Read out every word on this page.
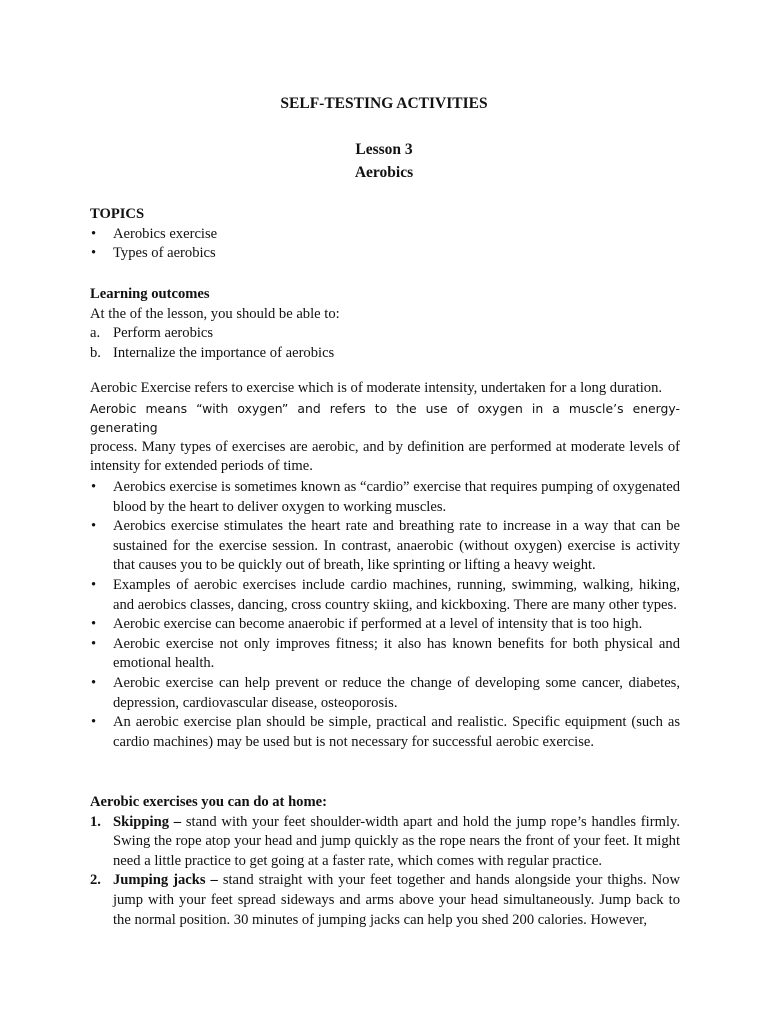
SELF-TESTING ACTIVITIES
Lesson 3
Aerobics
TOPICS
• Aerobics exercise
• Types of aerobics
Learning outcomes
At the of the lesson, you should be able to:
a. Perform aerobics
b. Internalize the importance of aerobics
Aerobic Exercise refers to exercise which is of moderate intensity, undertaken for a long duration.
Aerobic means “with oxygen” and refers to the use of oxygen in a muscle’s energy- generating
process. Many types of exercises are aerobic, and by definition are performed at moderate levels of intensity for extended periods of time.
• Aerobics exercise is sometimes known as “cardio” exercise that requires pumping of oxygenated blood by the heart to deliver oxygen to working muscles.
• Aerobics exercise stimulates the heart rate and breathing rate to increase in a way that can be sustained for the exercise session. In contrast, anaerobic (without oxygen) exercise is activity that causes you to be quickly out of breath, like sprinting or lifting a heavy weight.
• Examples of aerobic exercises include cardio machines, running, swimming, walking, hiking, and aerobics classes, dancing, cross country skiing, and kickboxing. There are many other types.
• Aerobic exercise can become anaerobic if performed at a level of intensity that is too high.
• Aerobic exercise not only improves fitness; it also has known benefits for both physical and emotional health.
• Aerobic exercise can help prevent or reduce the change of developing some cancer, diabetes, depression, cardiovascular disease, osteoporosis.
• An aerobic exercise plan should be simple, practical and realistic. Specific equipment (such as cardio machines) may be used but is not necessary for successful aerobic exercise.
Aerobic exercises you can do at home:
1. Skipping – stand with your feet shoulder-width apart and hold the jump rope’s handles firmly. Swing the rope atop your head and jump quickly as the rope nears the front of your feet. It might need a little practice to get going at a faster rate, which comes with regular practice.
2. Jumping jacks – stand straight with your feet together and hands alongside your thighs. Now jump with your feet spread sideways and arms above your head simultaneously. Jump back to the normal position. 30 minutes of jumping jacks can help you shed 200 calories. However,
